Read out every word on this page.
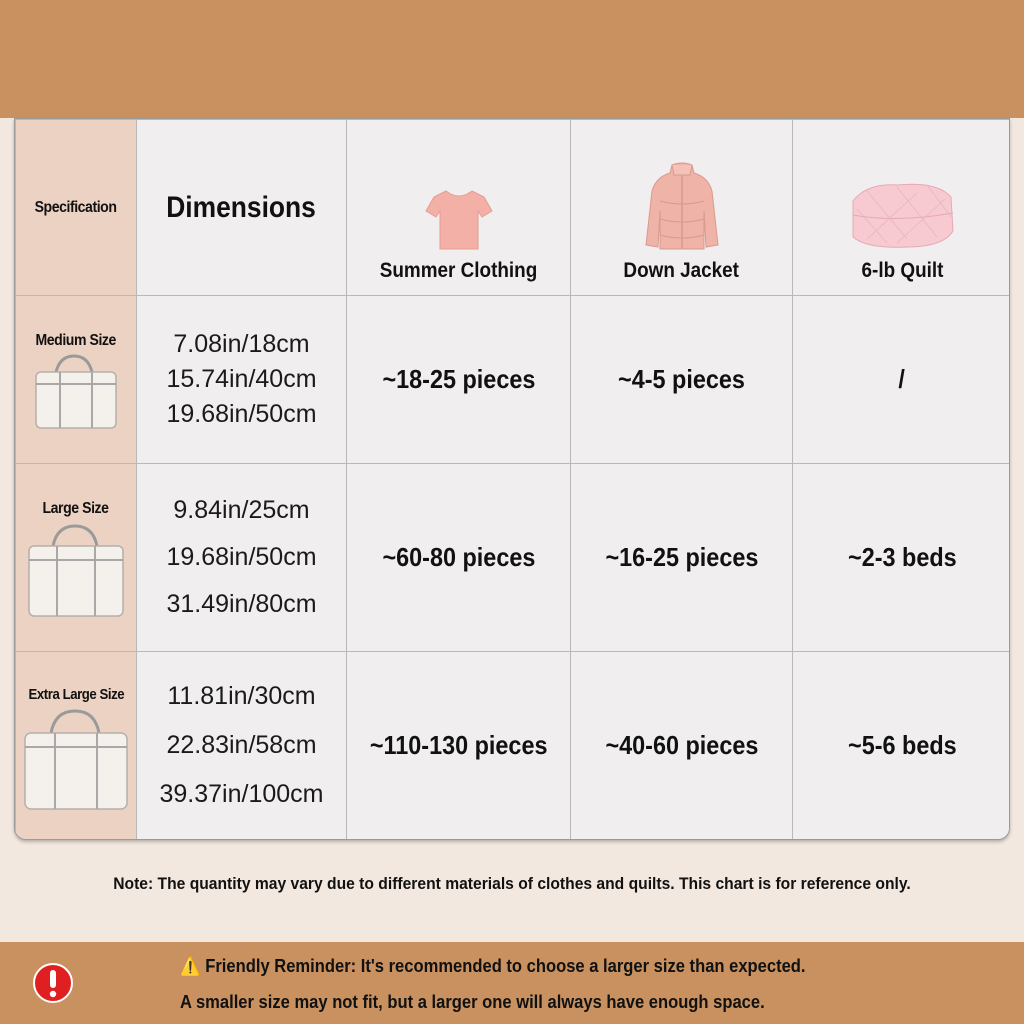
Specification	Dimensions	Summer Clothing	Down Jacket	6-lb Quilt

Medium Size	7.08in/18cm
15.74in/40cm
19.68in/50cm	~18-25 pieces	~4-5 pieces	/

Large Size	9.84in/25cm
19.68in/50cm
31.49in/80cm	~60-80 pieces	~16-25 pieces	~2-3 beds

Extra Large Size	11.81in/30cm
22.83in/58cm
39.37in/100cm	~110-130 pieces	~40-60 pieces	~5-6 beds
Note: The quantity may vary due to different materials of clothes and quilts. This chart is for reference only.
⚠️ Friendly Reminder: It's recommended to choose a larger size than expected.
A smaller size may not fit, but a larger one will always have enough space.
